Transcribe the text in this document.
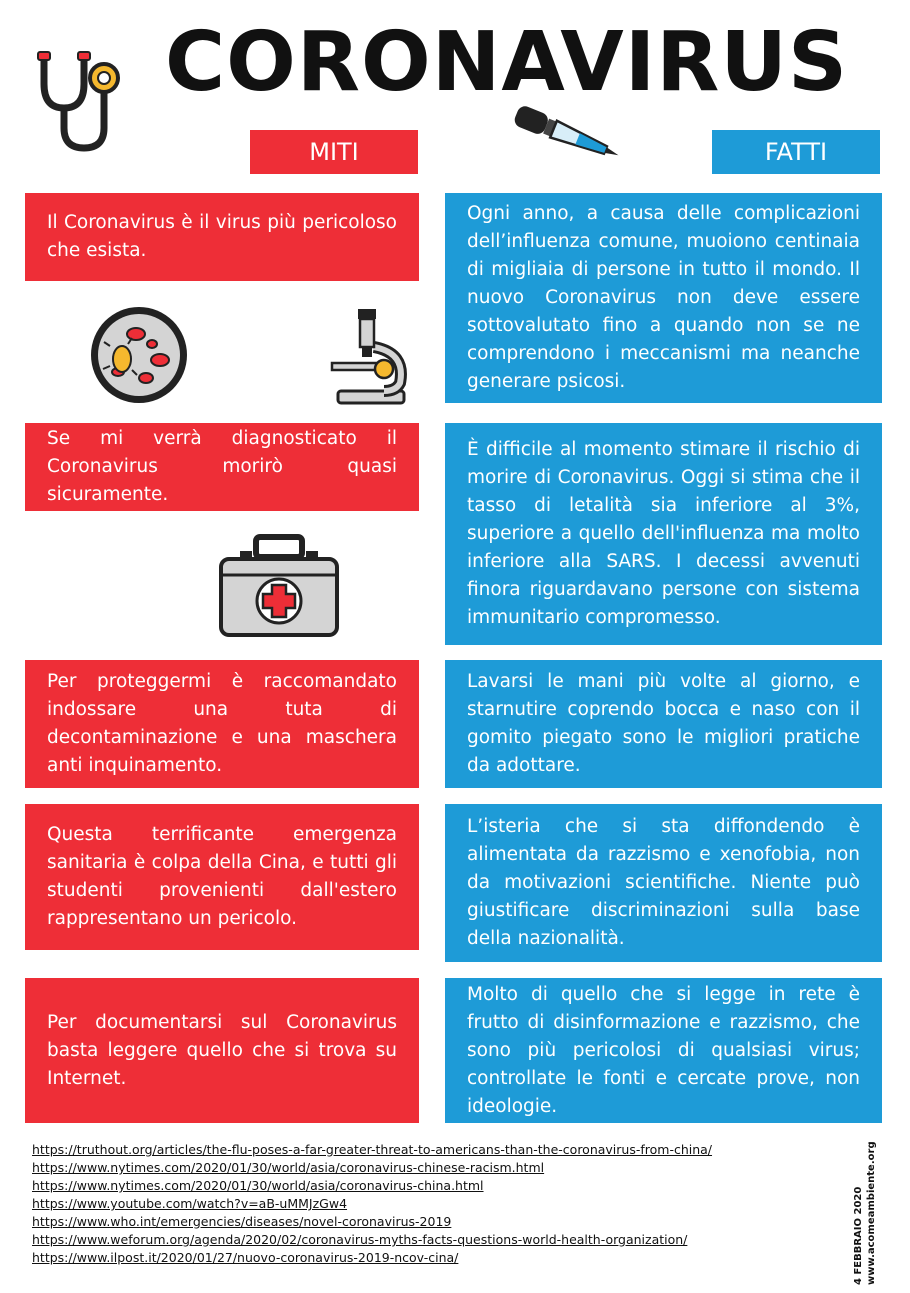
CORONAVIRUS
MITI	FATTI
Il Coronavirus è il virus più pericoloso che esista.
Ogni anno, a causa delle complicazioni dell’influenza comune, muoiono centinaia di migliaia di persone in tutto il mondo. Il nuovo Coronavirus non deve essere sottovalutato fino a quando non se ne comprendono i meccanismi ma neanche generare psicosi.
Se mi verrà diagnosticato il Coronavirus morirò quasi sicuramente.
È difficile al momento stimare il rischio di morire di Coronavirus. Oggi si stima che il tasso di letalità sia inferiore al 3%, superiore a quello dell'influenza ma molto inferiore alla SARS. I decessi avvenuti finora riguardavano persone con sistema immunitario compromesso.
Per proteggermi è raccomandato indossare una tuta di decontaminazione e una maschera anti inquinamento.
Lavarsi le mani più volte al giorno, e starnutire coprendo bocca e naso con il gomito piegato sono le migliori pratiche da adottare.
Questa terrificante emergenza sanitaria è colpa della Cina, e tutti gli studenti provenienti dall'estero rappresentano un pericolo.
L’isteria che si sta diffondendo è alimentata da razzismo e xenofobia, non da motivazioni scientifiche. Niente può giustificare discriminazioni sulla base della nazionalità.
Per documentarsi sul Coronavirus basta leggere quello che si trova su Internet.
Molto di quello che si legge in rete è frutto di disinformazione e razzismo, che sono più pericolosi di qualsiasi virus; controllate le fonti e cercate prove, non ideologie.
https://truthout.org/articles/the-flu-poses-a-far-greater-threat-to-americans-than-the-coronavirus-from-china/
https://www.nytimes.com/2020/01/30/world/asia/coronavirus-chinese-racism.html
https://www.nytimes.com/2020/01/30/world/asia/coronavirus-china.html
https://www.youtube.com/watch?v=aB-uMMJzGw4
https://www.who.int/emergencies/diseases/novel-coronavirus-2019
https://www.weforum.org/agenda/2020/02/coronavirus-myths-facts-questions-world-health-organization/
https://www.ilpost.it/2020/01/27/nuovo-coronavirus-2019-ncov-cina/	4 FEBBRAIO 2020 www.acomeambiente.org
